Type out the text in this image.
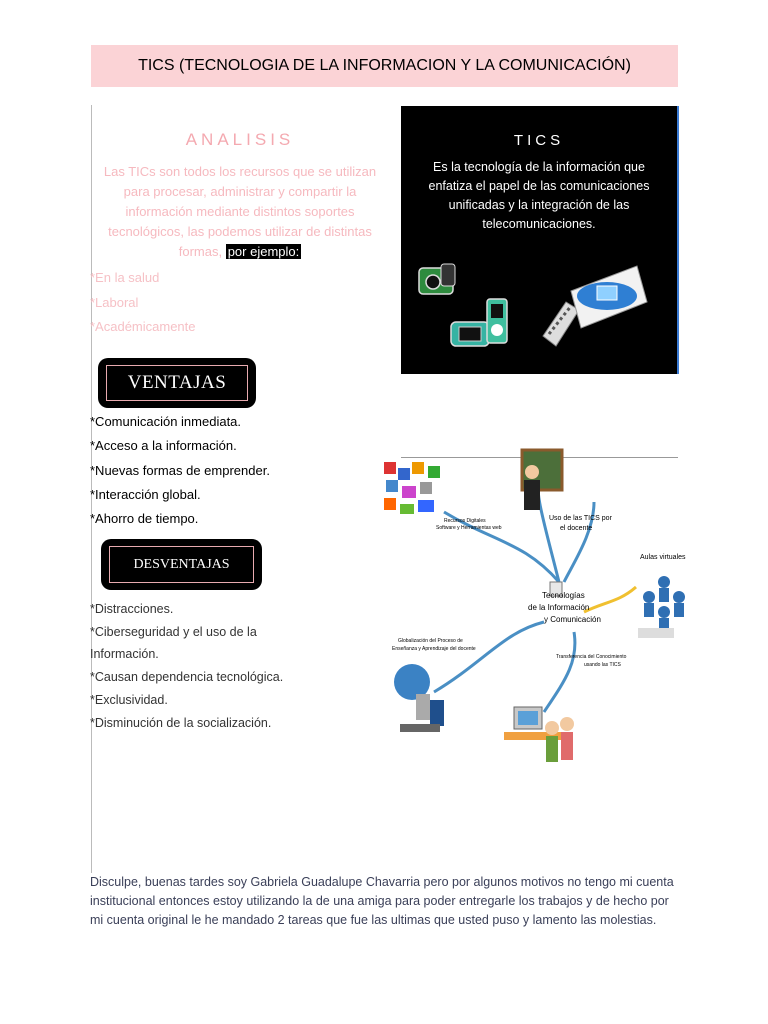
TICS (TECNOLOGIA DE LA INFORMACION Y LA COMUNICACIÓN)
ANALISIS
Las TICs son todos los recursos que se utilizan para procesar, administrar y compartir la información mediante distintos soportes tecnológicos, las podemos utilizar de distintas formas, por ejemplo:
*En la salud
*Laboral
*Académicamente
TICS
Es la tecnología de la información que enfatiza el papel de las comunicaciones unificadas y la integración de las telecomunicaciones.
VENTAJAS
*Comunicación inmediata.
*Acceso a la información.
*Nuevas formas de emprender.
*Interacción global.
*Ahorro de tiempo.
DESVENTAJAS
*Distracciones.
*Ciberseguridad y el uso de la
Información.
*Causan dependencia tecnológica.
*Exclusividad.
*Disminución de la socialización.
Tecnologías
de la Información
y Comunicación
Recursos Digitales
Software y Herramientas web
Uso de las TICS por
el docente
Aulas virtuales
Globalización del Proceso de
Enseñanza y Aprendizaje del docente
Transferencia del Conocimiento
usando las TICS
Disculpe, buenas tardes soy Gabriela Guadalupe Chavarria pero por algunos motivos no tengo mi cuenta institucional entonces estoy utilizando la de una amiga para poder entregarle los trabajos y de hecho por mi cuenta original le he mandado 2 tareas que fue las ultimas que usted puso y lamento las molestias.
